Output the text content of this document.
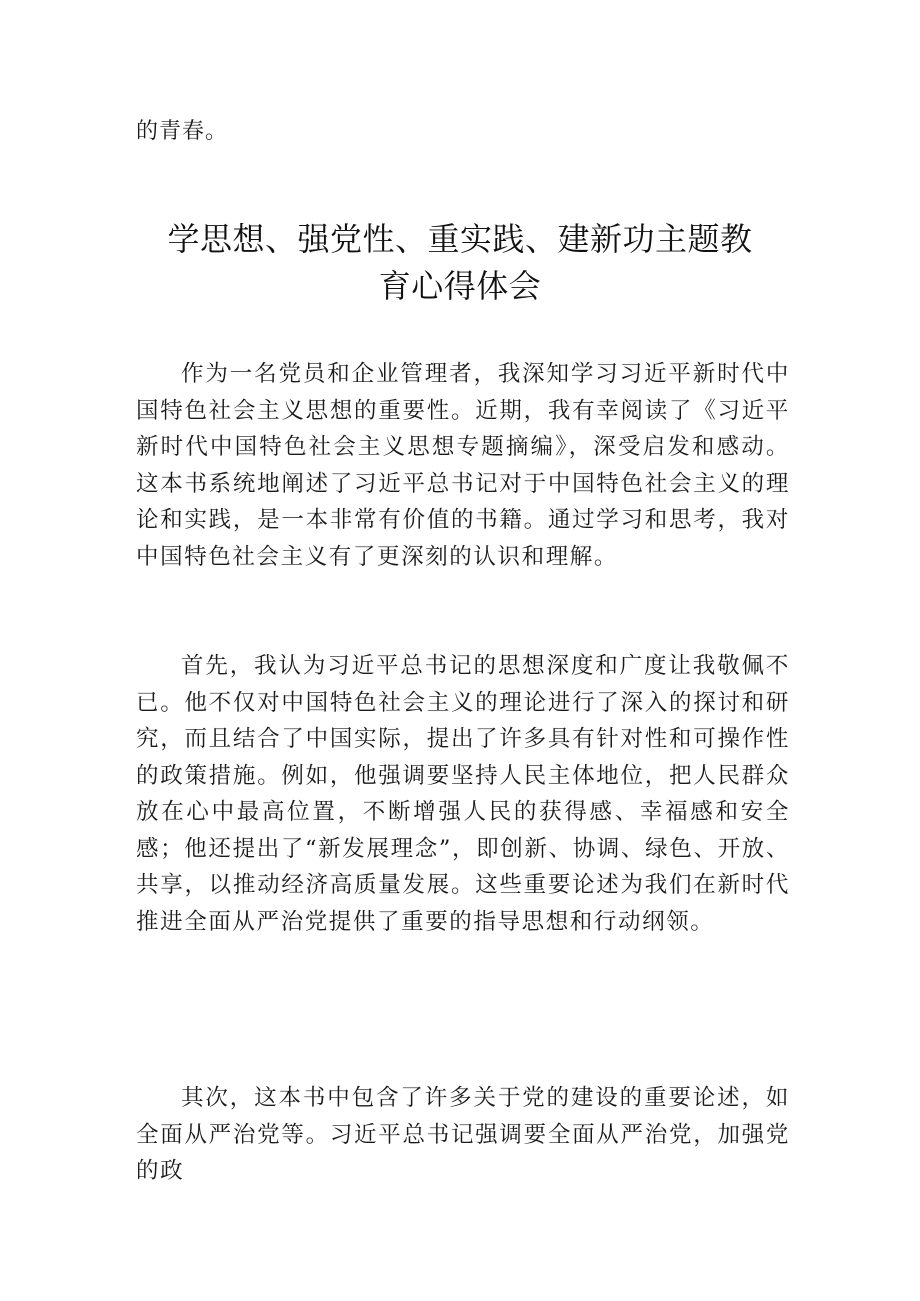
的青春。

学思想、强党性、重实践、建新功主题教
育心得体会

作为一名党员和企业管理者，我深知学习习近平新时代中国特色社会主义思想的重要性。近期，我有幸阅读了《习近平新时代中国特色社会主义思想专题摘编》，深受启发和感动。这本书系统地阐述了习近平总书记对于中国特色社会主义的理论和实践，是一本非常有价值的书籍。通过学习和思考，我对中国特色社会主义有了更深刻的认识和理解。

首先，我认为习近平总书记的思想深度和广度让我敬佩不已。他不仅对中国特色社会主义的理论进行了深入的探讨和研究，而且结合了中国实际，提出了许多具有针对性和可操作性的政策措施。例如，他强调要坚持人民主体地位，把人民群众放在心中最高位置，不断增强人民的获得感、幸福感和安全感；他还提出了“新发展理念”，即创新、协调、绿色、开放、共享，以推动经济高质量发展。这些重要论述为我们在新时代推进全面从严治党提供了重要的指导思想和行动纲领。

其次，这本书中包含了许多关于党的建设的重要论述，如全面从严治党等。习近平总书记强调要全面从严治党，加强党的政
